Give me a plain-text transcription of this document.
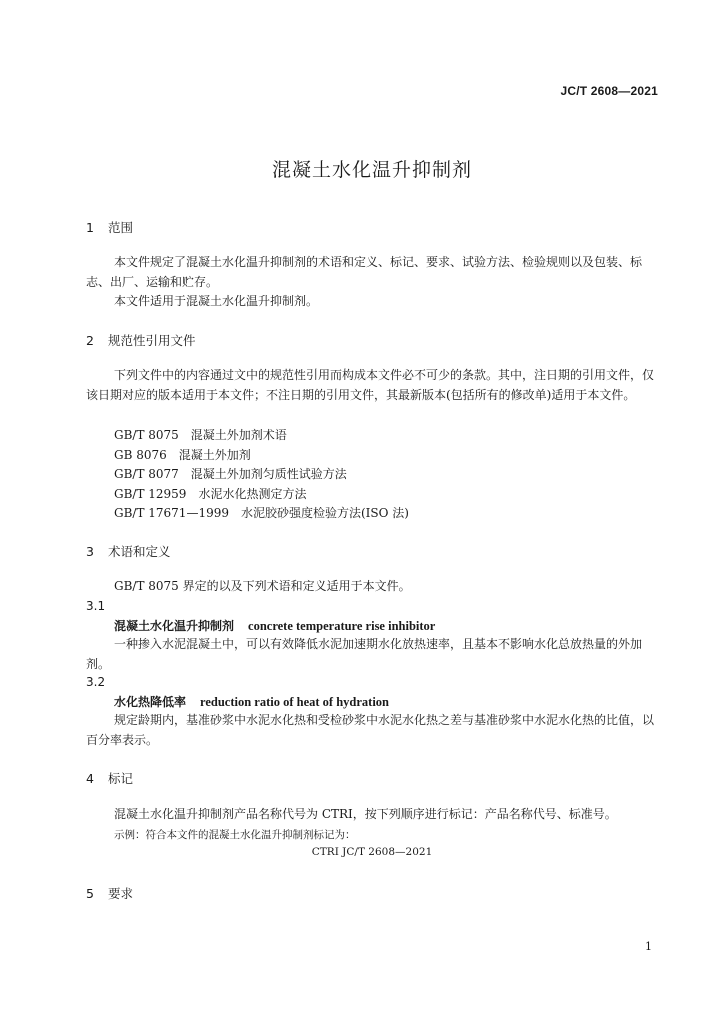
JC/T 2608—2021
混凝土水化温升抑制剂
1 范围
本文件规定了混凝土水化温升抑制剂的术语和定义、标记、要求、试验方法、检验规则以及包装、标志、出厂、运输和贮存。
本文件适用于混凝土水化温升抑制剂。
2 规范性引用文件
下列文件中的内容通过文中的规范性引用而构成本文件必不可少的条款。其中，注日期的引用文件，仅该日期对应的版本适用于本文件；不注日期的引用文件，其最新版本(包括所有的修改单)适用于本文件。
GB/T 8075　混凝土外加剂术语
GB 8076　混凝土外加剂
GB/T 8077　混凝土外加剂匀质性试验方法
GB/T 12959　水泥水化热测定方法
GB/T 17671—1999　水泥胶砂强度检验方法(ISO 法)
3 术语和定义
GB/T 8075 界定的以及下列术语和定义适用于本文件。
3.1
混凝土水化温升抑制剂 concrete temperature rise inhibitor
一种掺入水泥混凝土中，可以有效降低水泥加速期水化放热速率，且基本不影响水化总放热量的外加剂。
3.2
水化热降低率 reduction ratio of heat of hydration
规定龄期内，基准砂浆中水泥水化热和受检砂浆中水泥水化热之差与基准砂浆中水泥水化热的比值，以百分率表示。
4 标记
混凝土水化温升抑制剂产品名称代号为 CTRI，按下列顺序进行标记：产品名称代号、标准号。
示例：符合本文件的混凝土水化温升抑制剂标记为：
CTRI JC/T 2608—2021
5 要求
1
